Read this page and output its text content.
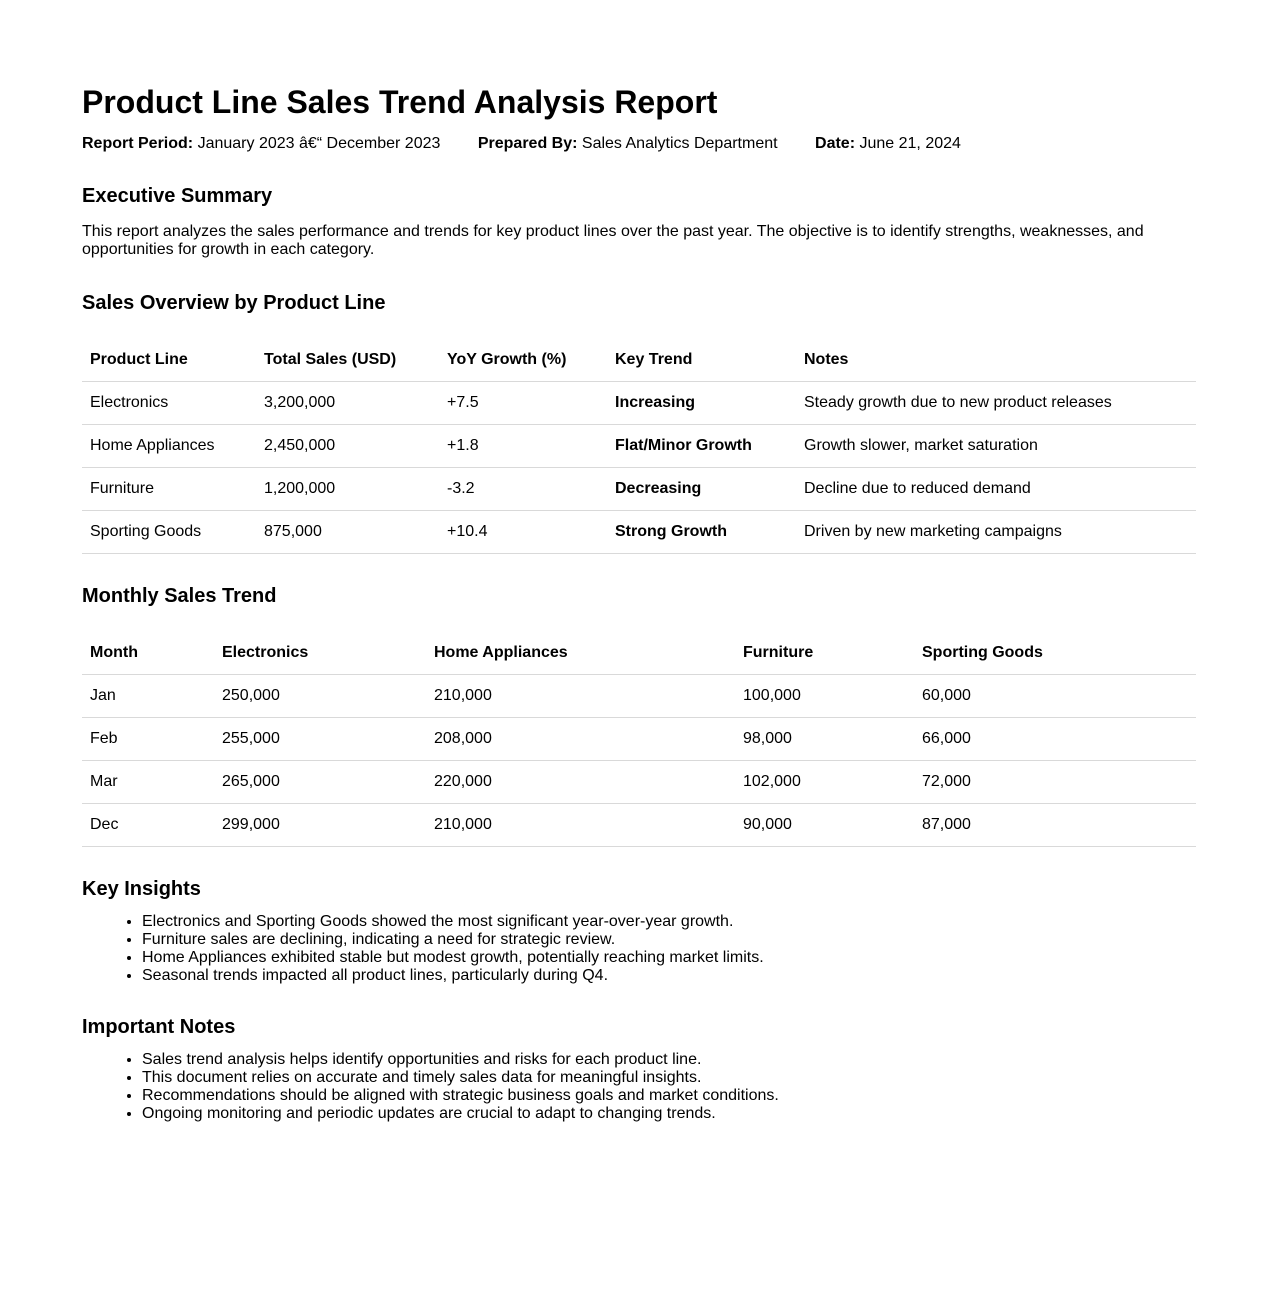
Product Line Sales Trend Analysis Report
Report Period: January 2023 â€“ December 2023 Prepared By: Sales Analytics Department Date: June 21, 2024
Executive Summary

This report analyzes the sales performance and trends for key product lines over the past year. The objective is to identify strengths, weaknesses, and opportunities for growth in each category.

Sales Overview by Product Line
Product Line	Total Sales (USD)	YoY Growth (%)	Key Trend	Notes
Electronics	3,200,000	+7.5	Increasing	Steady growth due to new product releases
Home Appliances	2,450,000	+1.8	Flat/Minor Growth	Growth slower, market saturation
Furniture	1,200,000	-3.2	Decreasing	Decline due to reduced demand
Sporting Goods	875,000	+10.4	Strong Growth	Driven by new marketing campaigns
Monthly Sales Trend
Month	Electronics	Home Appliances	Furniture	Sporting Goods
Jan	250,000	210,000	100,000	60,000
Feb	255,000	208,000	98,000	66,000
Mar	265,000	220,000	102,000	72,000
Dec	299,000	210,000	90,000	87,000
Key Insights
• Electronics and Sporting Goods showed the most significant year-over-year growth.
• Furniture sales are declining, indicating a need for strategic review.
• Home Appliances exhibited stable but modest growth, potentially reaching market limits.
• Seasonal trends impacted all product lines, particularly during Q4.
Important Notes
• Sales trend analysis helps identify opportunities and risks for each product line.
• This document relies on accurate and timely sales data for meaningful insights.
• Recommendations should be aligned with strategic business goals and market conditions.
• Ongoing monitoring and periodic updates are crucial to adapt to changing trends.
